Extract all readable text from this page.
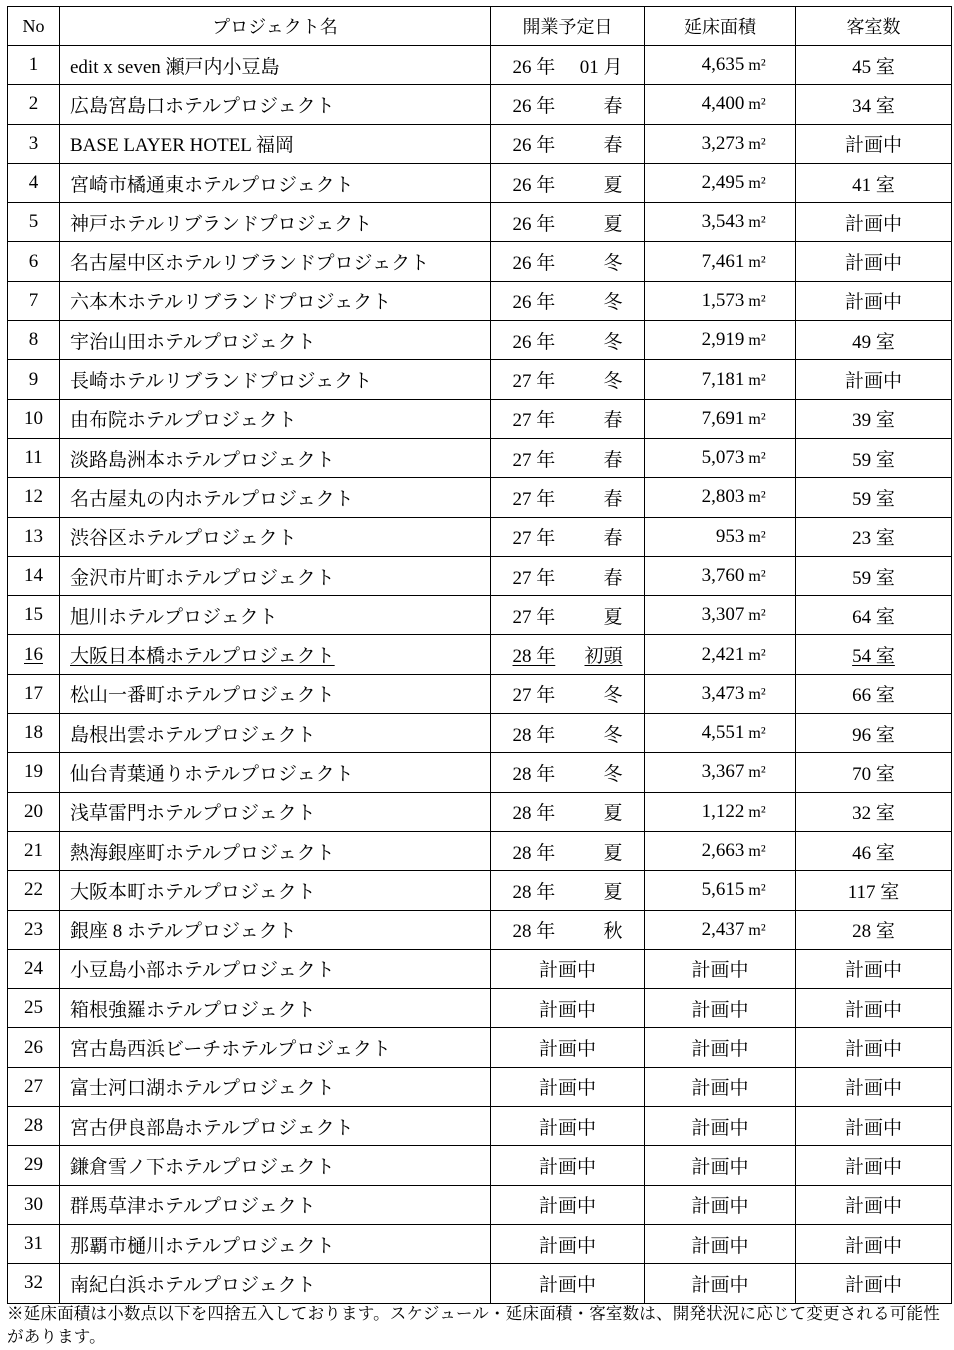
No	プロジェクト名	開業予定日	延床面積	客室数
1	edit x seven 瀬戸内小豆島	26 年 01 月	4,635 m²	45 室
2	広島宮島口ホテルプロジェクト	26 年 春	4,400 m²	34 室
3	BASE LAYER HOTEL 福岡	26 年 春	3,273 m²	計画中
4	宮崎市橘通東ホテルプロジェクト	26 年 夏	2,495 m²	41 室
5	神戸ホテルリブランドプロジェクト	26 年 夏	3,543 m²	計画中
6	名古屋中区ホテルリブランドプロジェクト	26 年 冬	7,461 m²	計画中
7	六本木ホテルリブランドプロジェクト	26 年 冬	1,573 m²	計画中
8	宇治山田ホテルプロジェクト	26 年 冬	2,919 m²	49 室
9	長崎ホテルリブランドプロジェクト	27 年 冬	7,181 m²	計画中
10	由布院ホテルプロジェクト	27 年 春	7,691 m²	39 室
11	淡路島洲本ホテルプロジェクト	27 年 春	5,073 m²	59 室
12	名古屋丸の内ホテルプロジェクト	27 年 春	2,803 m²	59 室
13	渋谷区ホテルプロジェクト	27 年 春	953 m²	23 室
14	金沢市片町ホテルプロジェクト	27 年 春	3,760 m²	59 室
15	旭川ホテルプロジェクト	27 年 夏	3,307 m²	64 室
16	大阪日本橋ホテルプロジェクト	28 年 初頭	2,421 m²	54 室
17	松山一番町ホテルプロジェクト	27 年 冬	3,473 m²	66 室
18	島根出雲ホテルプロジェクト	28 年 冬	4,551 m²	96 室
19	仙台青葉通りホテルプロジェクト	28 年 冬	3,367 m²	70 室
20	浅草雷門ホテルプロジェクト	28 年 夏	1,122 m²	32 室
21	熱海銀座町ホテルプロジェクト	28 年 夏	2,663 m²	46 室
22	大阪本町ホテルプロジェクト	28 年 夏	5,615 m²	117 室
23	銀座 8 ホテルプロジェクト	28 年 秋	2,437 m²	28 室
24	小豆島小部ホテルプロジェクト	計画中	計画中	計画中
25	箱根強羅ホテルプロジェクト	計画中	計画中	計画中
26	宮古島西浜ビーチホテルプロジェクト	計画中	計画中	計画中
27	富士河口湖ホテルプロジェクト	計画中	計画中	計画中
28	宮古伊良部島ホテルプロジェクト	計画中	計画中	計画中
29	鎌倉雪ノ下ホテルプロジェクト	計画中	計画中	計画中
30	群馬草津ホテルプロジェクト	計画中	計画中	計画中
31	那覇市樋川ホテルプロジェクト	計画中	計画中	計画中
32	南紀白浜ホテルプロジェクト	計画中	計画中	計画中

※延床面積は小数点以下を四捨五入しております。スケジュール・延床面積・客室数は、開発状況に応じて変更される可能性があります。
